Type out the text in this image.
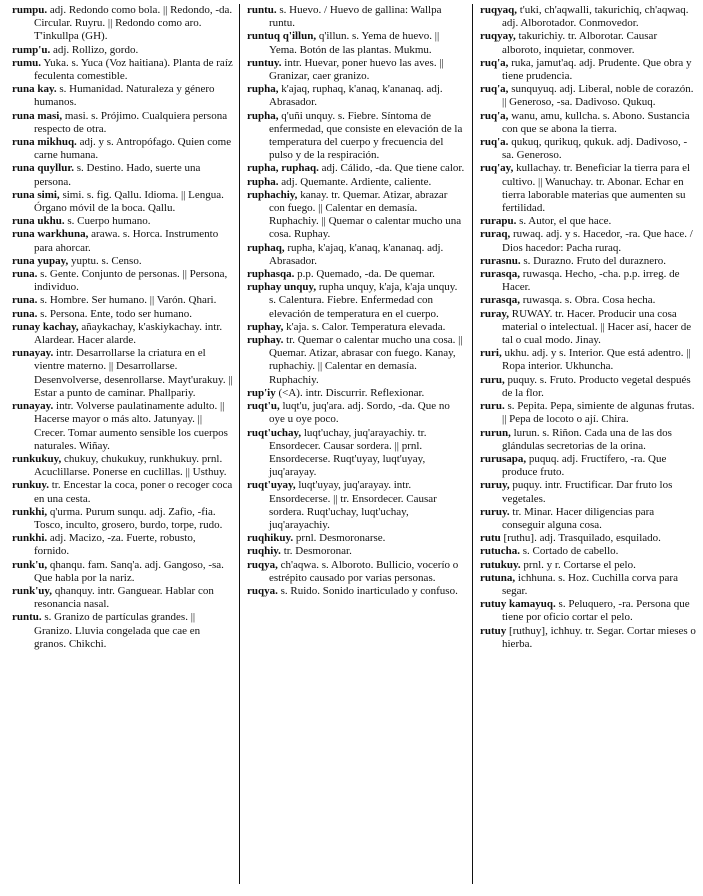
rumpu. adj. Redondo como bola. || Redondo, -da. Circular. Ruyru. || Redondo como aro. T'inkullpa (GH).

rump'u. adj. Rollizo, gordo.

rumu. Yuka. s. Yuca (Voz haitiana). Planta de raíz feculenta comestible.

runa kay. s. Humanidad. Naturaleza y género humanos.

runa masi, masi. s. Prójimo. Cualquiera persona respecto de otra.

runa mikhuq. adj. y s. Antropófago. Quien come carne humana.

runa quyllur. s. Destino. Hado, suerte una persona.

runa simi, simi. s. fig. Qallu. Idioma. || Lengua. Órgano móvil de la boca. Qallu.

runa ukhu. s. Cuerpo humano.

runa warkhuna, arawa. s. Horca. Instrumento para ahorcar.

runa yupay, yuptu. s. Censo.

runa. s. Gente. Conjunto de personas. || Persona, individuo.

runa. s. Hombre. Ser humano. || Varón. Qhari.

runa. s. Persona. Ente, todo ser humano.

runay kachay, añaykachay, k'askiykachay. intr. Alardear. Hacer alarde.

runayay. intr. Desarrollarse la criatura en el vientre materno. || Desarrollarse. Desenvolverse, desenrollarse. Mayt'urakuy. || Estar a punto de caminar. Phallpariy.

runayay. intr. Volverse paulatinamente adulto. || Hacerse mayor o más alto. Jatunyay. || Crecer. Tomar aumento sensible los cuerpos naturales. Wiñay.

runkukuy, chukuy, chukukuy, runkhukuy. prnl. Acuclillarse. Ponerse en cuclillas. || Usthuy.

runkuy. tr. Encestar la coca, poner o recoger coca en una cesta.

runkhi, q'urma. Purum sunqu. adj. Zafio, -fia. Tosco, inculto, grosero, burdo, torpe, rudo.

runkhi. adj. Macizo, -za. Fuerte, robusto, fornido.

runk'u, qhanqu. fam. Sanq'a. adj. Gangoso, -sa. Que habla por la nariz.

runk'uy, qhanquy. intr. Ganguear. Hablar con resonancia nasal.

runtu. s. Granizo de partículas grandes. || Granizo. Lluvia congelada que cae en granos. Chikchi.

runtu. s. Huevo. / Huevo de gallina: Wallpa runtu.

runtuq q'illun, q'illun. s. Yema de huevo. || Yema. Botón de las plantas. Mukmu.

runtuy. intr. Huevar, poner huevo las aves. || Granizar, caer granizo.

rupha, k'ajaq, ruphaq, k'anaq, k'ananaq. adj. Abrasador.

rupha, q'uñi unquy. s. Fiebre. Síntoma de enfermedad, que consiste en elevación de la temperatura del cuerpo y frecuencia del pulso y de la respiración.

rupha, ruphaq. adj. Cálido, -da. Que tiene calor.

rupha. adj. Quemante. Ardiente, caliente.

ruphachiy, kanay. tr. Quemar. Atizar, abrazar con fuego. || Calentar en demasía. Ruphachiy. || Quemar o calentar mucho una cosa. Ruphay.

ruphaq, rupha, k'ajaq, k'anaq, k'ananaq. adj. Abrasador.

ruphasqa. p.p. Quemado, -da. De quemar.

ruphay unquy, rupha unquy, k'aja, k'aja unquy. s. Calentura. Fiebre. Enfermedad con elevación de temperatura en el cuerpo.

ruphay, k'aja. s. Calor. Temperatura elevada.

ruphay. tr. Quemar o calentar mucho una cosa. || Quemar. Atizar, abrasar con fuego. Kanay, ruphachiy. || Calentar en demasía. Ruphachiy.

rup'iy (<A). intr. Discurrir. Reflexionar.

ruqt'u, luqt'u, juq'ara. adj. Sordo, -da. Que no oye u oye poco.

ruqt'uchay, luqt'uchay, juq'arayachiy. tr. Ensordecer. Causar sordera. || prnl. Ensordecerse. Ruqt'uyay, luqt'uyay, juq'arayay.

ruqt'uyay, luqt'uyay, juq'arayay. intr. Ensordecerse. || tr. Ensordecer. Causar sordera. Ruqt'uchay, luqt'uchay, juq'arayachiy.

ruqhikuy. prnl. Desmoronarse.

ruqhiy. tr. Desmoronar.

ruqya, ch'aqwa. s. Alboroto. Bullicio, vocerío o estrépito causado por varias personas.

ruqya. s. Ruido. Sonido inarticulado y confuso.

ruqyaq, t'uki, ch'aqwalli, takurichiq, ch'aqwaq. adj. Alborotador. Conmovedor.

ruqyay, takurichiy. tr. Alborotar. Causar alboroto, inquietar, conmover.

ruq'a, ruka, jamut'aq. adj. Prudente. Que obra y tiene prudencia.

ruq'a, sunquyuq. adj. Liberal, noble de corazón. || Generoso, -sa. Dadivoso. Qukuq.

ruq'a, wanu, amu, kullcha. s. Abono. Sustancia con que se abona la tierra.

ruq'a. qukuq, qurikuq, qukuk. adj. Dadivoso, -sa. Generoso.

ruq'ay, kullachay. tr. Beneficiar la tierra para el cultivo. || Wanuchay. tr. Abonar. Echar en tierra laborable materias que aumenten su fertilidad.

rurapu. s. Autor, el que hace.

ruraq, ruwaq. adj. y s. Hacedor, -ra. Que hace. / Dios hacedor: Pacha ruraq.

rurasnu. s. Durazno. Fruto del duraznero.

rurasqa, ruwasqa. Hecho, -cha. p.p. irreg. de Hacer.

rurasqa, ruwasqa. s. Obra. Cosa hecha.

ruray, RUWAY. tr. Hacer. Producir una cosa material o intelectual. || Hacer así, hacer de tal o cual modo. Jinay.

ruri, ukhu. adj. y s. Interior. Que está adentro. || Ropa interior. Ukhuncha.

ruru, puquy. s. Fruto. Producto vegetal después de la flor.

ruru. s. Pepita. Pepa, simiente de algunas frutas. || Pepa de locoto o ají. Chira.

rurun, lurun. s. Riñon. Cada una de las dos glándulas secretorias de la orina.

rurusapa, puquq. adj. Fructífero, -ra. Que produce fruto.

ruruy, puquy. intr. Fructificar. Dar fruto los vegetales.

ruruy. tr. Minar. Hacer diligencias para conseguir alguna cosa.

rutu [ruthu]. adj. Trasquilado, esquilado.

rutucha. s. Cortado de cabello.

rutukuy. prnl. y r. Cortarse el pelo.

rutuna, ichhuna. s. Hoz. Cuchilla corva para segar.

rutuy kamayuq. s. Peluquero, -ra. Persona que tiene por oficio cortar el pelo.

rutuy [ruthuy], ichhuy. tr. Segar. Cortar mieses o hierba.
